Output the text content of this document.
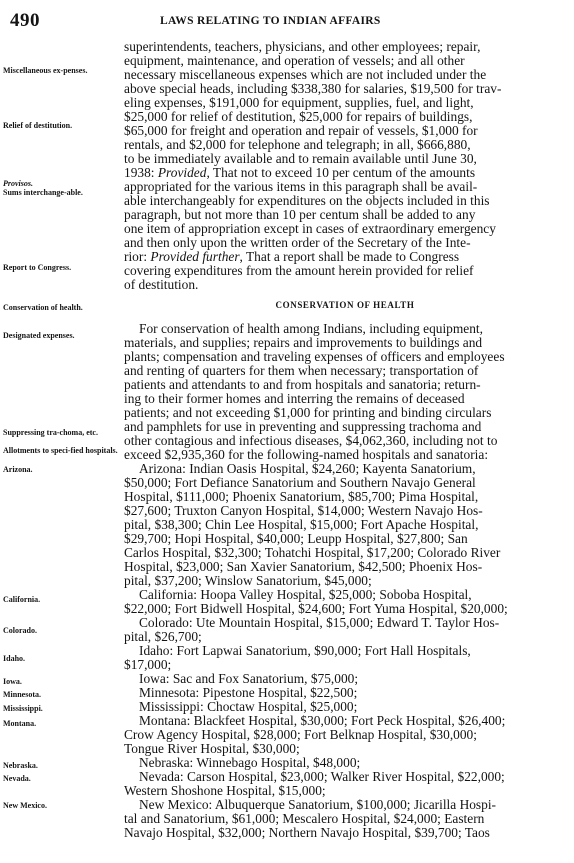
490	LAWS RELATING TO INDIAN AFFAIRS
Miscellaneous ex-penses.
Relief of destitution.
Provisos.
Sums interchange-able.
Report to Congress.
Conservation of health.
Designated expenses.
Suppressing tra-choma, etc.
Allotments to speci-fied hospitals.
Arizona.
California.
Colorado.
Idaho.
Iowa.
Minnesota.
Mississippi.
Montana.
Nebraska.
Nevada.
New Mexico.
CONSERVATION OF HEALTH
superintendents, teachers, physicians, and other employees; repair,
equipment, maintenance, and operation of vessels; and all other
necessary miscellaneous expenses which are not included under the
above special heads, including $338,380 for salaries, $19,500 for trav-
eling expenses, $191,000 for equipment, supplies, fuel, and light,
$25,000 for relief of destitution, $25,000 for repairs of buildings,
$65,000 for freight and operation and repair of vessels, $1,000 for
rentals, and $2,000 for telephone and telegraph; in all, $666,880,
to be immediately available and to remain available until June 30,
1938: Provided, That not to exceed 10 per centum of the amounts
appropriated for the various items in this paragraph shall be avail-
able interchangeably for expenditures on the objects included in this
paragraph, but not more than 10 per centum shall be added to any
one item of appropriation except in cases of extraordinary emergency
and then only upon the written order of the Secretary of the Inte-
rior: Provided further, That a report shall be made to Congress
covering expenditures from the amount herein provided for relief
of destitution.
For conservation of health among Indians, including equipment,
materials, and supplies; repairs and improvements to buildings and
plants; compensation and traveling expenses of officers and employees
and renting of quarters for them when necessary; transportation of
patients and attendants to and from hospitals and sanatoria; return-
ing to their former homes and interring the remains of deceased
patients; and not exceeding $1,000 for printing and binding circulars
and pamphlets for use in preventing and suppressing trachoma and
other contagious and infectious diseases, $4,062,360, including not to
exceed $2,935,360 for the following-named hospitals and sanatoria:
Arizona: Indian Oasis Hospital, $24,260; Kayenta Sanatorium,
$50,000; Fort Defiance Sanatorium and Southern Navajo General
Hospital, $111,000; Phoenix Sanatorium, $85,700; Pima Hospital,
$27,600; Truxton Canyon Hospital, $14,000; Western Navajo Hos-
pital, $38,300; Chin Lee Hospital, $15,000; Fort Apache Hospital,
$29,700; Hopi Hospital, $40,000; Leupp Hospital, $27,800; San
Carlos Hospital, $32,300; Tohatchi Hospital, $17,200; Colorado River
Hospital, $23,000; San Xavier Sanatorium, $42,500; Phoenix Hos-
pital, $37,200; Winslow Sanatorium, $45,000;
California: Hoopa Valley Hospital, $25,000; Soboba Hospital,
$22,000; Fort Bidwell Hospital, $24,600; Fort Yuma Hospital, $20,000;
Colorado: Ute Mountain Hospital, $15,000; Edward T. Taylor Hos-
pital, $26,700;
Idaho: Fort Lapwai Sanatorium, $90,000; Fort Hall Hospitals,
$17,000;
Iowa: Sac and Fox Sanatorium, $75,000;
Minnesota: Pipestone Hospital, $22,500;
Mississippi: Choctaw Hospital, $25,000;
Montana: Blackfeet Hospital, $30,000; Fort Peck Hospital, $26,400;
Crow Agency Hospital, $28,000; Fort Belknap Hospital, $30,000;
Tongue River Hospital, $30,000;
Nebraska: Winnebago Hospital, $48,000;
Nevada: Carson Hospital, $23,000; Walker River Hospital, $22,000;
Western Shoshone Hospital, $15,000;
New Mexico: Albuquerque Sanatorium, $100,000; Jicarilla Hospi-
tal and Sanatorium, $61,000; Mescalero Hospital, $24,000; Eastern
Navajo Hospital, $32,000; Northern Navajo Hospital, $39,700; Taos
